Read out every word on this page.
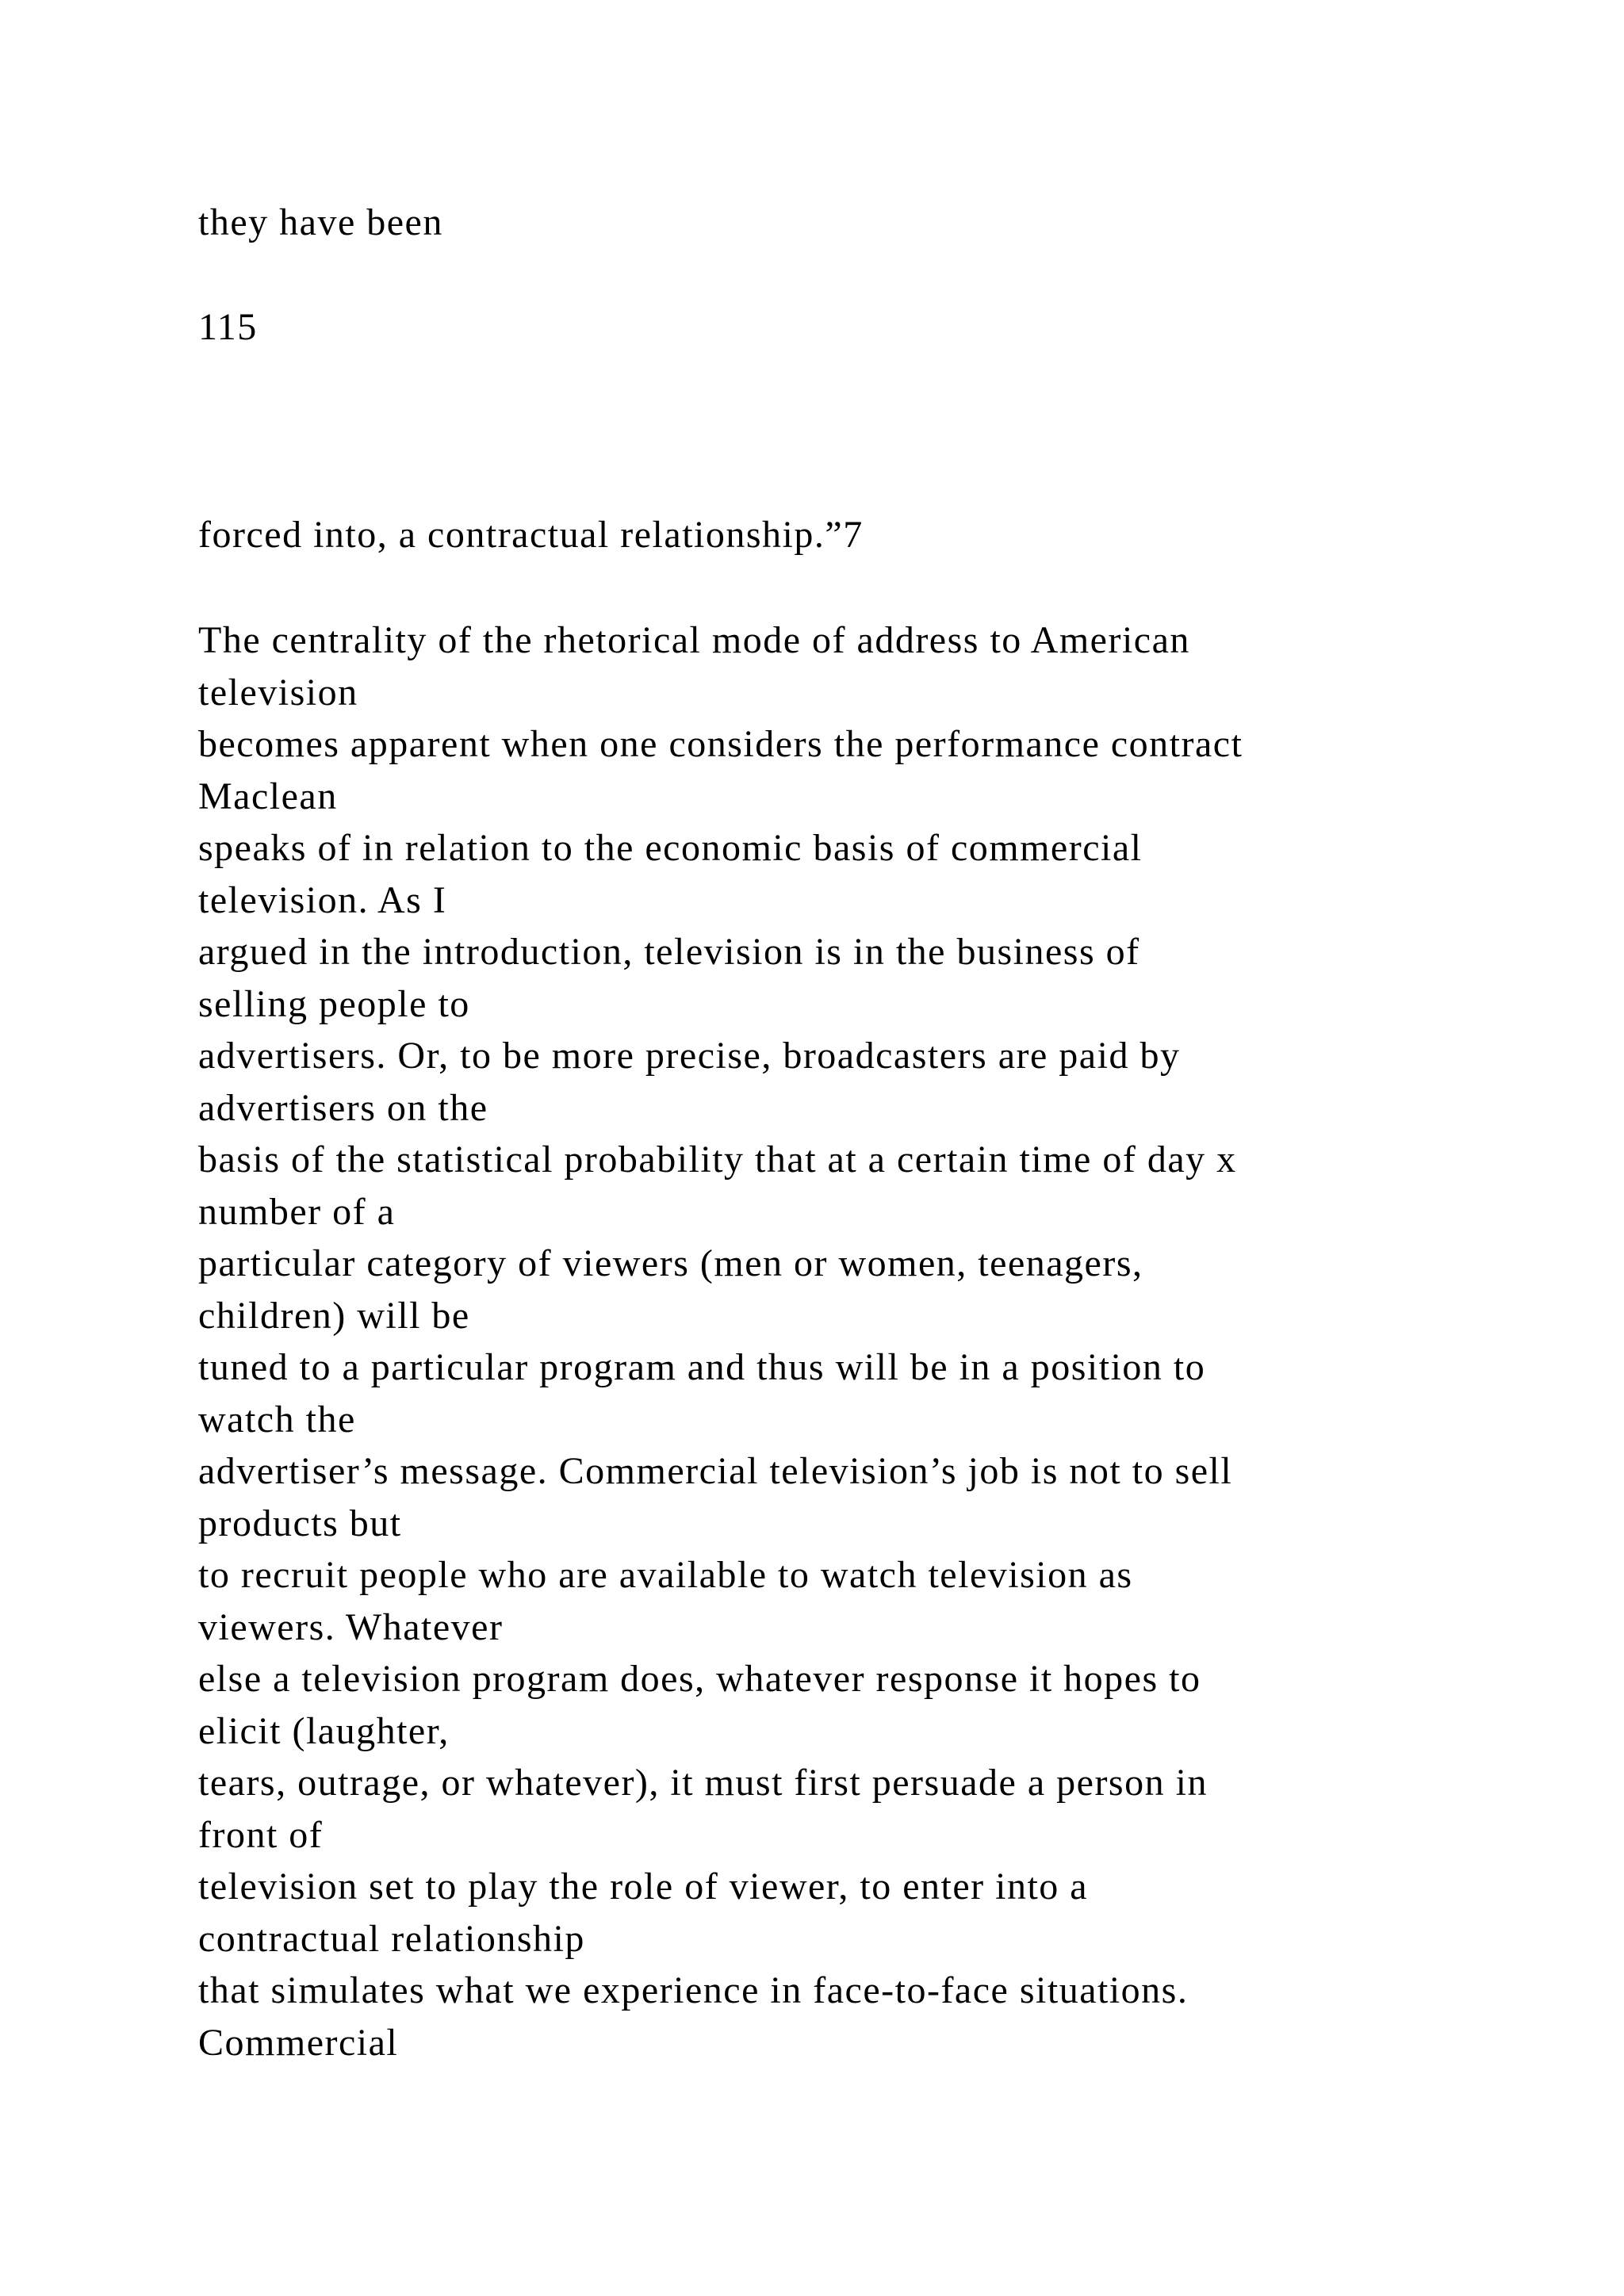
they have been

115

forced into, a contractual relationship.”7

The centrality of the rhetorical mode of address to American
television
becomes apparent when one considers the performance contract
Maclean
speaks of in relation to the economic basis of commercial
television. As I
argued in the introduction, television is in the business of
selling people to
advertisers. Or, to be more precise, broadcasters are paid by
advertisers on the
basis of the statistical probability that at a certain time of day x
number of a
particular category of viewers (men or women, teenagers,
children) will be
tuned to a particular program and thus will be in a position to
watch the
advertiser’s message. Commercial television’s job is not to sell
products but
to recruit people who are available to watch television as
viewers. Whatever
else a television program does, whatever response it hopes to
elicit (laughter,
tears, outrage, or whatever), it must first persuade a person in
front of
television set to play the role of viewer, to enter into a
contractual relationship
that simulates what we experience in face-to-face situations.
Commercial
